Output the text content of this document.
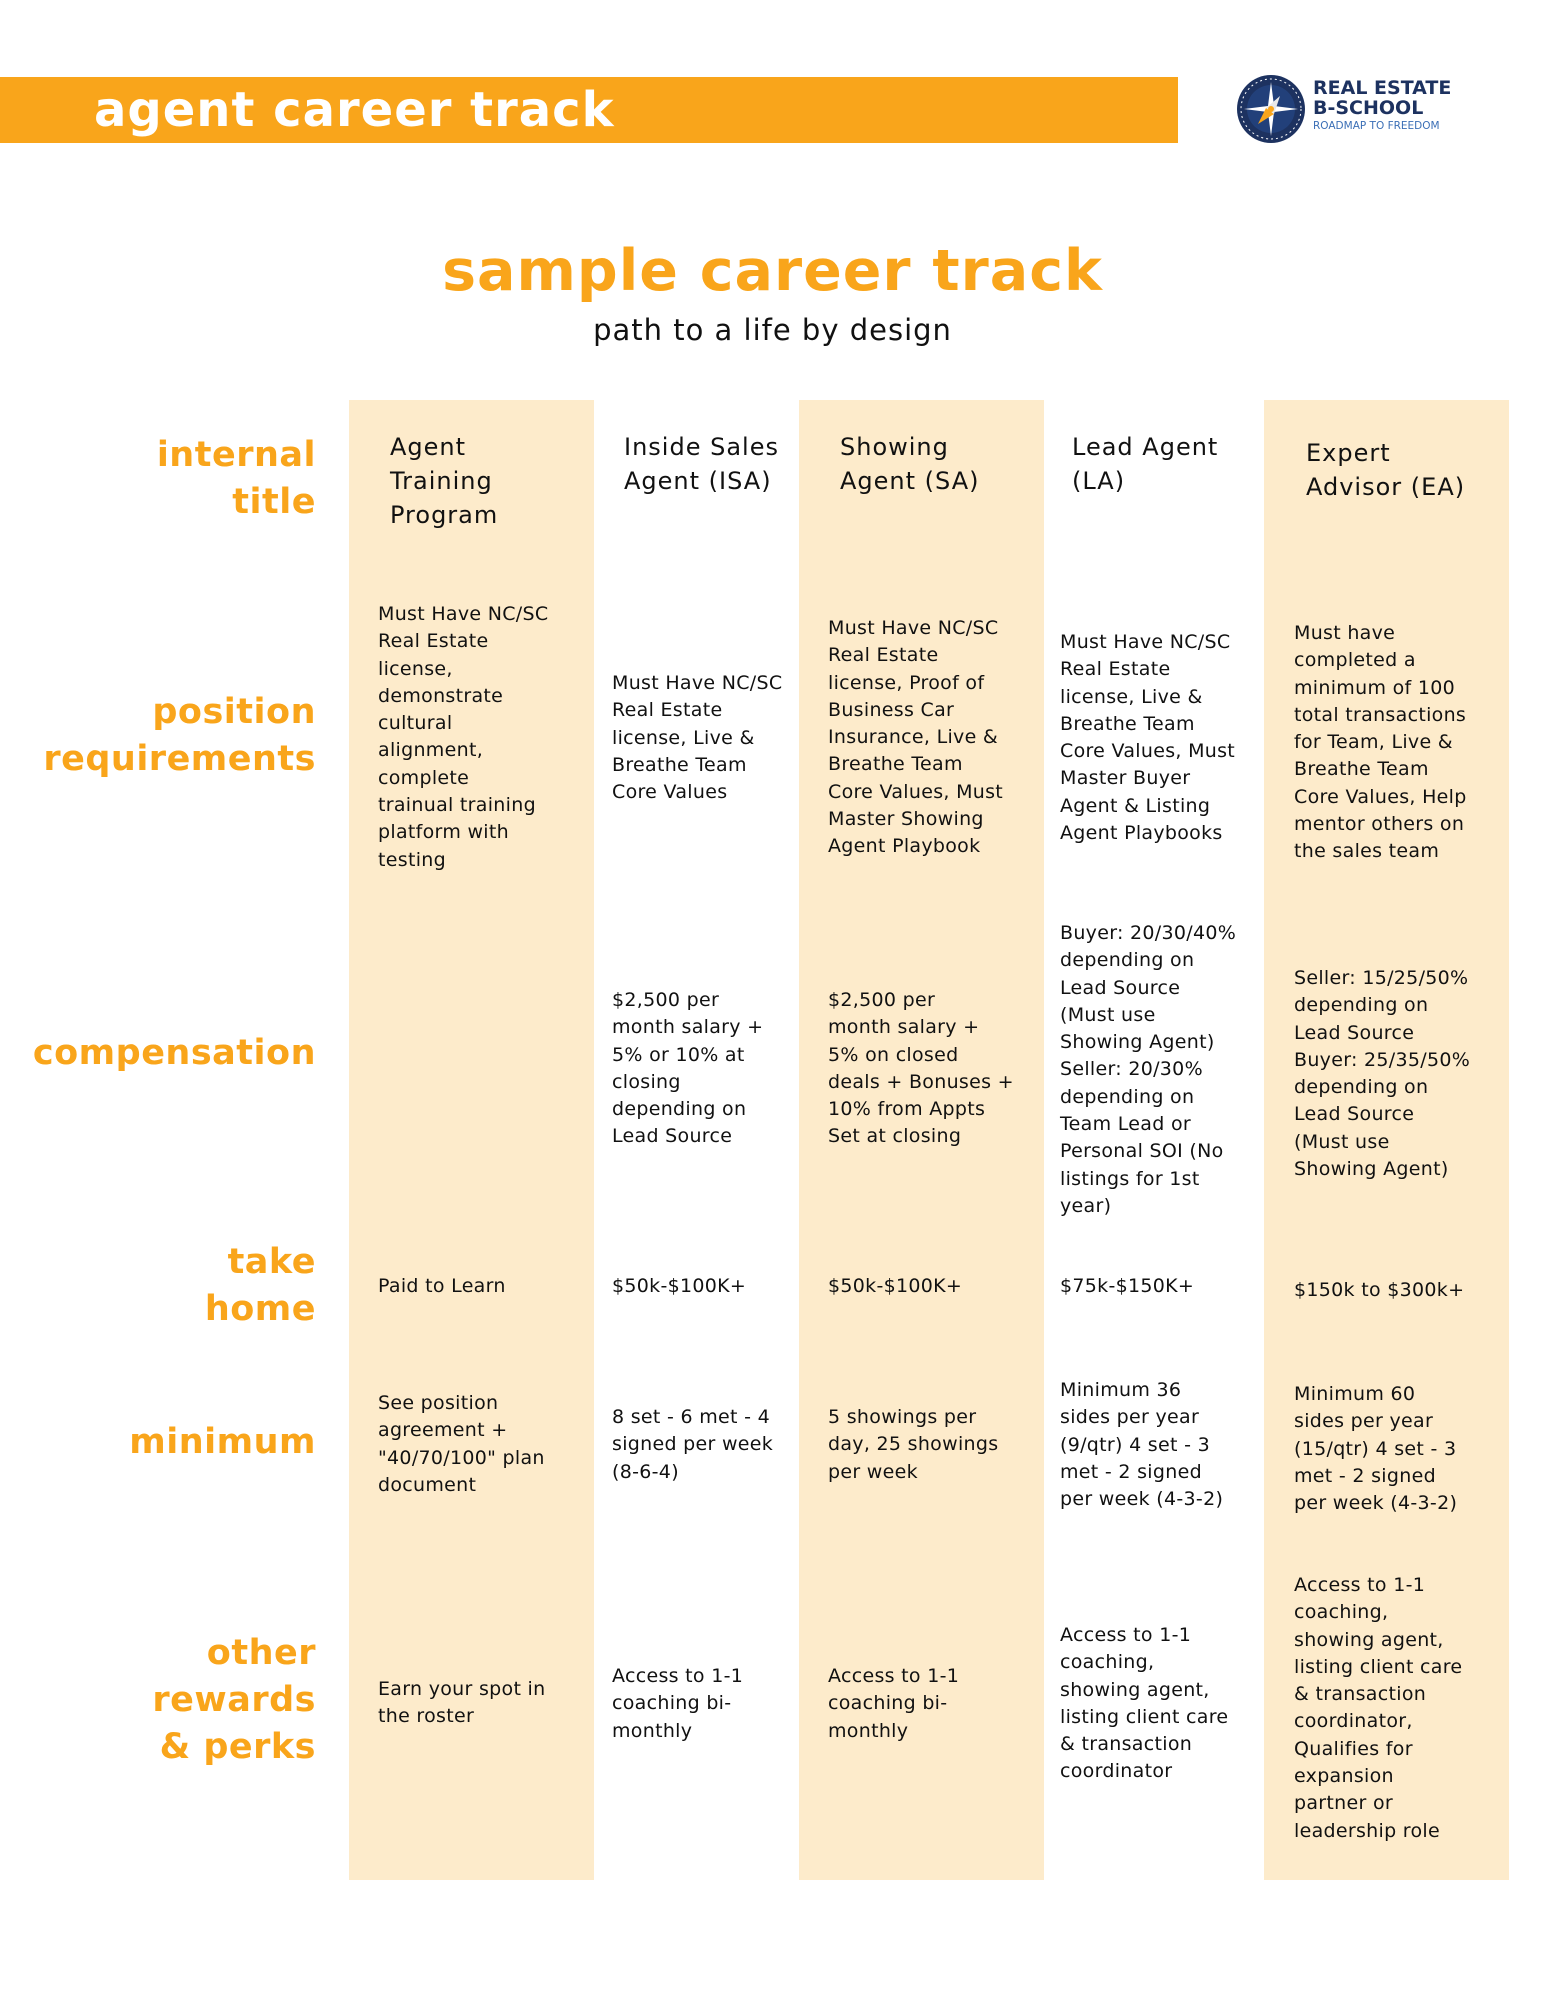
agent career track	REAL ESTATE
B-SCHOOL
ROADMAP TO FREEDOM
sample career track

path to a life by design

internal
title
position
requirements
compensation
take
home
minimum
other
rewards
& perks
Agent
Training
Program
Must Have NC/SC
Real Estate
license,
demonstrate
cultural
alignment,
complete
trainual training
platform with
testing
Paid to Learn
See position
agreement +
"40/70/100" plan
document
Earn your spot in
the roster
Inside Sales
Agent (ISA)
Must Have NC/SC
Real Estate
license, Live &
Breathe Team
Core Values
$2,500 per
month salary +
5% or 10% at
closing
depending on
Lead Source
$50k-$100K+
8 set - 6 met - 4
signed per week
(8-6-4)
Access to 1-1
coaching bi-
monthly
Showing
Agent (SA)
Must Have NC/SC
Real Estate
license, Proof of
Business Car
Insurance, Live &
Breathe Team
Core Values, Must
Master Showing
Agent Playbook
$2,500 per
month salary +
5% on closed
deals + Bonuses +
10% from Appts
Set at closing
$50k-$100K+
5 showings per
day, 25 showings
per week
Access to 1-1
coaching bi-
monthly
Lead Agent
(LA)
Must Have NC/SC
Real Estate
license, Live &
Breathe Team
Core Values, Must
Master Buyer
Agent & Listing
Agent Playbooks
Buyer: 20/30/40%
depending on
Lead Source
(Must use
Showing Agent)
Seller: 20/30%
depending on
Team Lead or
Personal SOI (No
listings for 1st
year)
$75k-$150K+
Minimum 36
sides per year
(9/qtr) 4 set - 3
met - 2 signed
per week (4-3-2)
Access to 1-1
coaching,
showing agent,
listing client care
& transaction
coordinator
Expert
Advisor (EA)
Must have
completed a
minimum of 100
total transactions
for Team, Live &
Breathe Team
Core Values, Help
mentor others on
the sales team
Seller: 15/25/50%
depending on
Lead Source
Buyer: 25/35/50%
depending on
Lead Source
(Must use
Showing Agent)
$150k to $300k+
Minimum 60
sides per year
(15/qtr) 4 set - 3
met - 2 signed
per week (4-3-2)
Access to 1-1
coaching,
showing agent,
listing client care
& transaction
coordinator,
Qualifies for
expansion
partner or
leadership role
